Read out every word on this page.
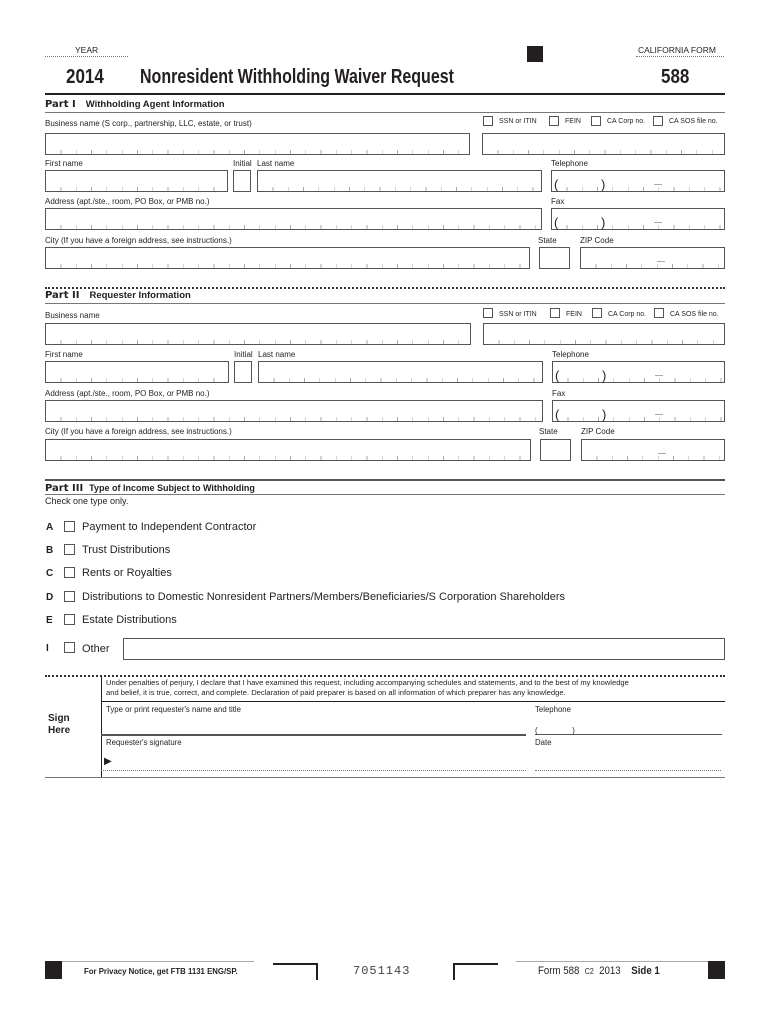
YEAR	CALIFORNIA FORM
2014 Nonresident Withholding Waiver Request	588
Part I Withholding Agent Information
Business name (S corp., partnership, LLC, estate, or trust)	SSN or ITIN	FEIN	CA Corp no.	CA SOS file no.
First name	Initial Last name	Telephone
(	)
Address (apt./ste., room, PO Box, or PMB no.)	Fax
(	)
City (If you have a foreign address, see instructions.)	State	ZIP Code
Part II Requester Information
Business name	SSN or ITIN	FEIN	CA Corp no.	CA SOS file no.
First name	Initial Last name	Telephone
(	)
Address (apt./ste., room, PO Box, or PMB no.)	Fax
(	)
City (If you have a foreign address, see instructions.)	State	ZIP Code
Part III Type of Income Subject to Withholding
Check one type only.
A	Payment to Independent Contractor
B	Trust Distributions
C	Rents or Royalties
D	Distributions to Domestic Nonresident Partners/Members/Beneficiaries/S Corporation Shareholders
E	Estate Distributions
I	Other
Sign
Here
Under penalties of perjury, I declare that I have examined this request, including accompanying schedules and statements, and to the best of my knowledge
and belief, it is true, correct, and complete. Declaration of paid preparer is based on all information of which preparer has any knowledge.
Type or print requester's name and title	Telephone
(________)
Requester's signature
▶
Date
For Privacy Notice, get FTB 1131 ENG/SP.	7051143	Form 588 C2 2013 Side 1
